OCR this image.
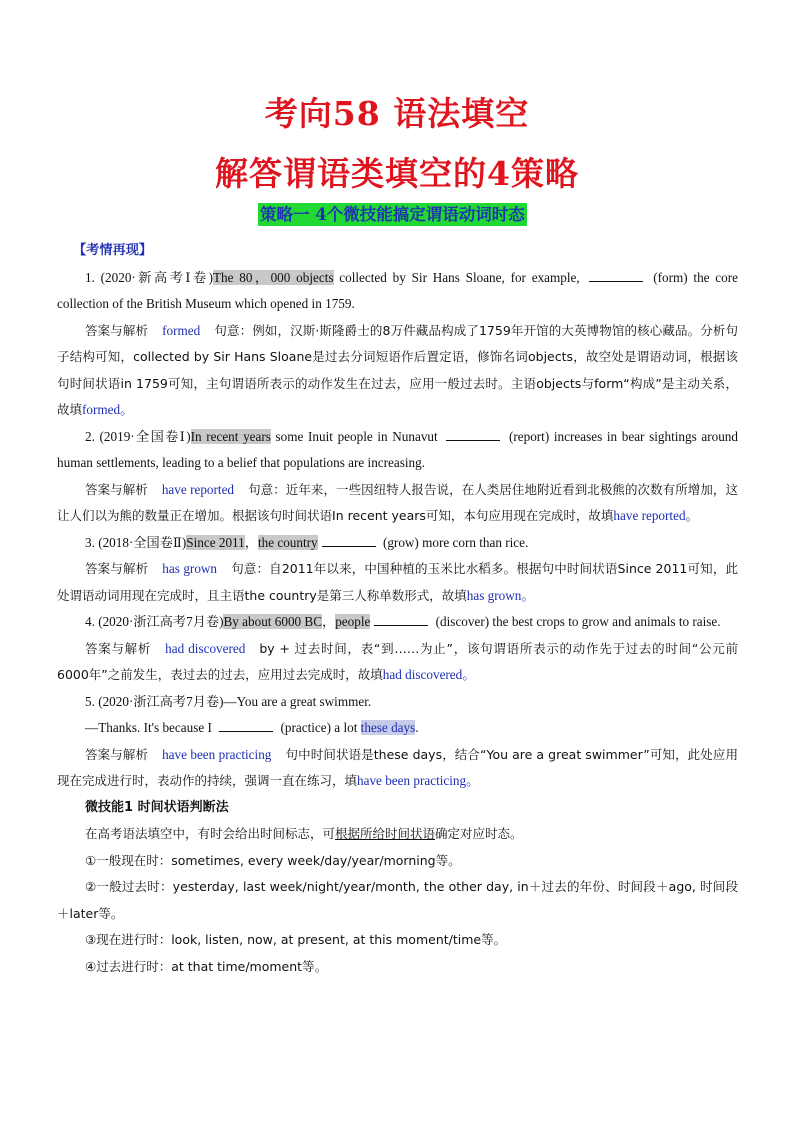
考向58 语法填空
解答谓语类填空的4策略
策略一 4个微技能搞定谓语动词时态

【考情再现】

1. (2020·新高考Ⅰ卷)The 80，000 objects collected by Sir Hans Sloane, for example,	(form) the core collection of the British Museum which opened in 1759.

答案与解析 formed 句意：例如，汉斯·斯隆爵士的8万件藏品构成了1759年开馆的大英博物馆的核心藏品。分析句子结构可知，collected by Sir Hans Sloane是过去分词短语作后置定语，修饰名词objects，故空处是谓语动词，根据该句时间状语in 1759可知，主句谓语所表示的动作发生在过去，应用一般过去时。主语objects与form“构成”是主动关系，故填formed。

2. (2019·全国卷Ⅰ)In recent years some Inuit people in Nunavut	(report) increases in bear sightings around human settlements, leading to a belief that populations are increasing.

答案与解析 have reported 句意：近年来，一些因纽特人报告说，在人类居住地附近看到北极熊的次数有所增加，这让人们以为熊的数量正在增加。根据该句时间状语In recent years可知，本句应用现在完成时，故填have reported。

3. (2018·全国卷Ⅱ)Since 2011，the country	(grow) more corn than rice.

答案与解析 has grown 句意：自2011年以来，中国种植的玉米比水稻多。根据句中时间状语Since 2011可知，此处谓语动词用现在完成时，且主语the country是第三人称单数形式，故填has grown。

4. (2020·浙江高考7月卷)By about 6000 BC，people	(discover) the best crops to grow and animals to raise.

答案与解析 had discovered by + 过去时间，表“到……为止”，该句谓语所表示的动作先于过去的时间“公元前6000年”之前发生，表过去的过去，应用过去完成时，故填had discovered。

5. (2020·浙江高考7月卷)—You are a great swimmer.

—Thanks. It's because I	(practice) a lot these days.

答案与解析 have been practicing 句中时间状语是these days，结合“You are a great swimmer”可知，此处应用现在完成进行时，表动作的持续，强调一直在练习，填have been practicing。

微技能1 时间状语判断法

在高考语法填空中，有时会给出时间标志，可根据所给时间状语确定对应时态。

①一般现在时：sometimes, every week/day/year/morning等。

②一般过去时：yesterday, last week/night/year/month, the other day, in＋过去的年份、时间段＋ago, 时间段＋later等。

③现在进行时：look, listen, now, at present, at this moment/time等。

④过去进行时：at that time/moment等。
